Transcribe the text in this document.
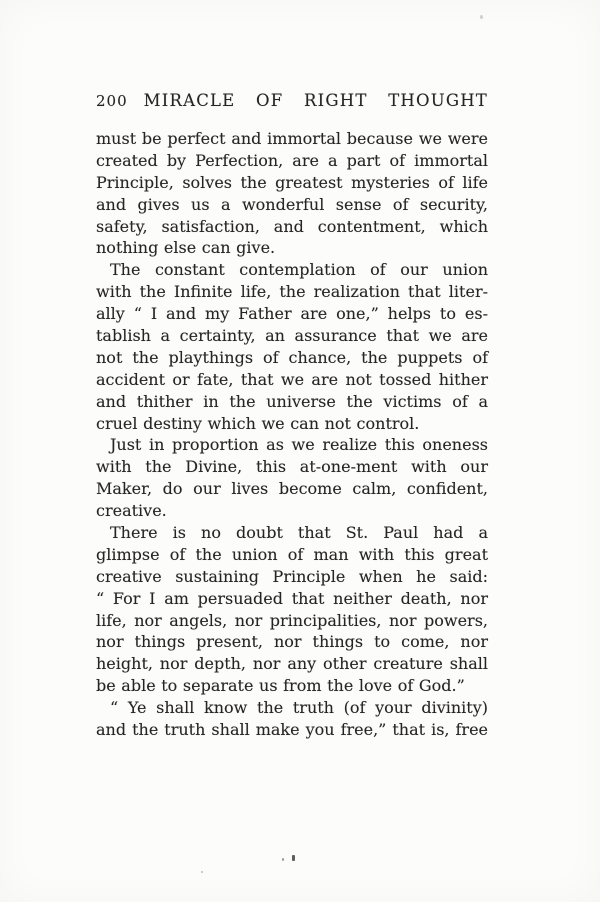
200 MIRACLE OF RIGHT THOUGHT
must be perfect and immortal because we were
created by Perfection, are a part of immortal
Principle, solves the greatest mysteries of life
and gives us a wonderful sense of security,
safety, satisfaction, and contentment, which
nothing else can give.
The constant contemplation of our union
with the Infinite life, the realization that liter-
ally “ I and my Father are one,” helps to es-
tablish a certainty, an assurance that we are
not the playthings of chance, the puppets of
accident or fate, that we are not tossed hither
and thither in the universe the victims of a
cruel destiny which we can not control.
Just in proportion as we realize this oneness
with the Divine, this at-one-ment with our
Maker, do our lives become calm, confident,
creative.
There is no doubt that St. Paul had a
glimpse of the union of man with this great
creative sustaining Principle when he said:
“ For I am persuaded that neither death, nor
life, nor angels, nor principalities, nor powers,
nor things present, nor things to come, nor
height, nor depth, nor any other creature shall
be able to separate us from the love of God.”
“ Ye shall know the truth (of your divinity)
and the truth shall make you free,” that is, free
